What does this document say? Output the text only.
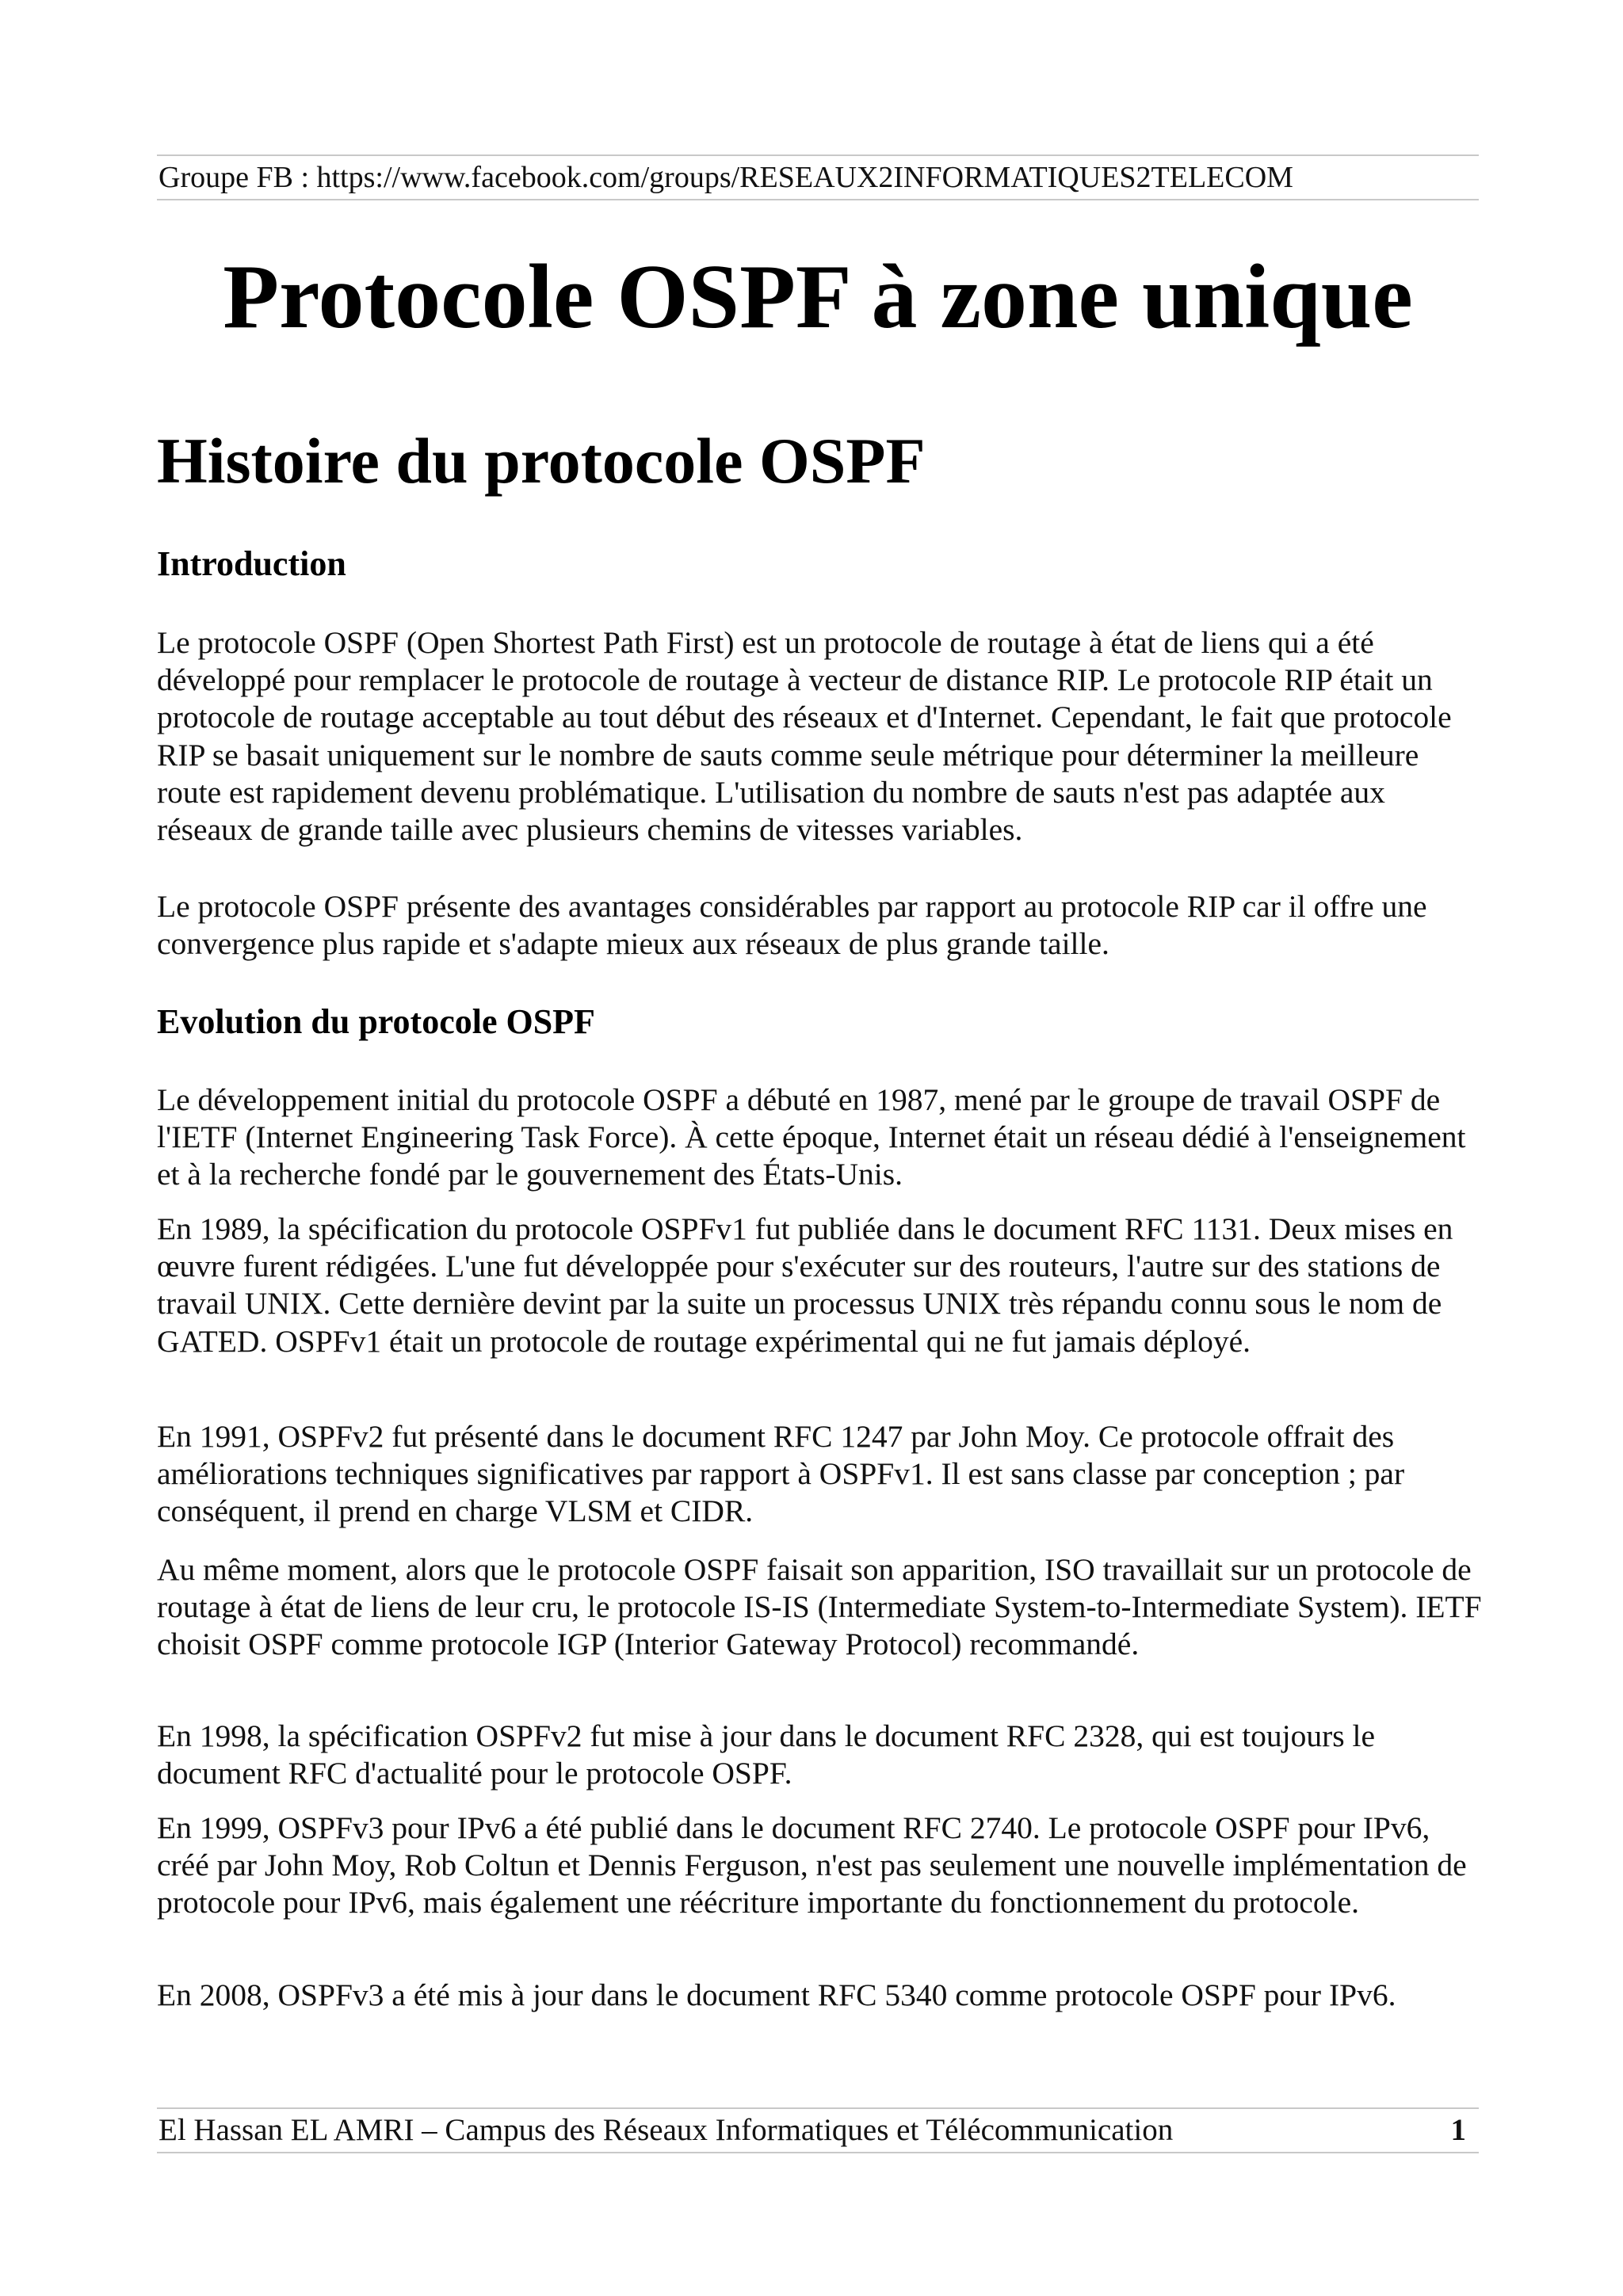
Groupe FB : https://www.facebook.com/groups/RESEAUX2INFORMATIQUES2TELECOM
Protocole OSPF à zone unique
Histoire du protocole OSPF
Introduction

Le protocole OSPF (Open Shortest Path First) est un protocole de routage à état de liens qui a été développé pour remplacer le protocole de routage à vecteur de distance RIP. Le protocole RIP était un protocole de routage acceptable au tout début des réseaux et d'Internet. Cependant, le fait que protocole RIP se basait uniquement sur le nombre de sauts comme seule métrique pour déterminer la meilleure route est rapidement devenu problématique. L'utilisation du nombre de sauts n'est pas adaptée aux réseaux de grande taille avec plusieurs chemins de vitesses variables.

Le protocole OSPF présente des avantages considérables par rapport au protocole RIP car il offre une convergence plus rapide et s'adapte mieux aux réseaux de plus grande taille.

Evolution du protocole OSPF

Le développement initial du protocole OSPF a débuté en 1987, mené par le groupe de travail OSPF de l'IETF (Internet Engineering Task Force). À cette époque, Internet était un réseau dédié à l'enseignement et à la recherche fondé par le gouvernement des États-Unis.

En 1989, la spécification du protocole OSPFv1 fut publiée dans le document RFC 1131. Deux mises en œuvre furent rédigées. L'une fut développée pour s'exécuter sur des routeurs, l'autre sur des stations de travail UNIX. Cette dernière devint par la suite un processus UNIX très répandu connu sous le nom de GATED. OSPFv1 était un protocole de routage expérimental qui ne fut jamais déployé.

En 1991, OSPFv2 fut présenté dans le document RFC 1247 par John Moy. Ce protocole offrait des améliorations techniques significatives par rapport à OSPFv1. Il est sans classe par conception ; par conséquent, il prend en charge VLSM et CIDR.

Au même moment, alors que le protocole OSPF faisait son apparition, ISO travaillait sur un protocole de routage à état de liens de leur cru, le protocole IS-IS (Intermediate System-to-Intermediate System). IETF choisit OSPF comme protocole IGP (Interior Gateway Protocol) recommandé.

En 1998, la spécification OSPFv2 fut mise à jour dans le document RFC 2328, qui est toujours le document RFC d'actualité pour le protocole OSPF.

En 1999, OSPFv3 pour IPv6 a été publié dans le document RFC 2740. Le protocole OSPF pour IPv6, créé par John Moy, Rob Coltun et Dennis Ferguson, n'est pas seulement une nouvelle implémentation de protocole pour IPv6, mais également une réécriture importante du fonctionnement du protocole.

En 2008, OSPFv3 a été mis à jour dans le document RFC 5340 comme protocole OSPF pour IPv6.

El Hassan EL AMRI – Campus des Réseaux Informatiques et Télécommunication	1
